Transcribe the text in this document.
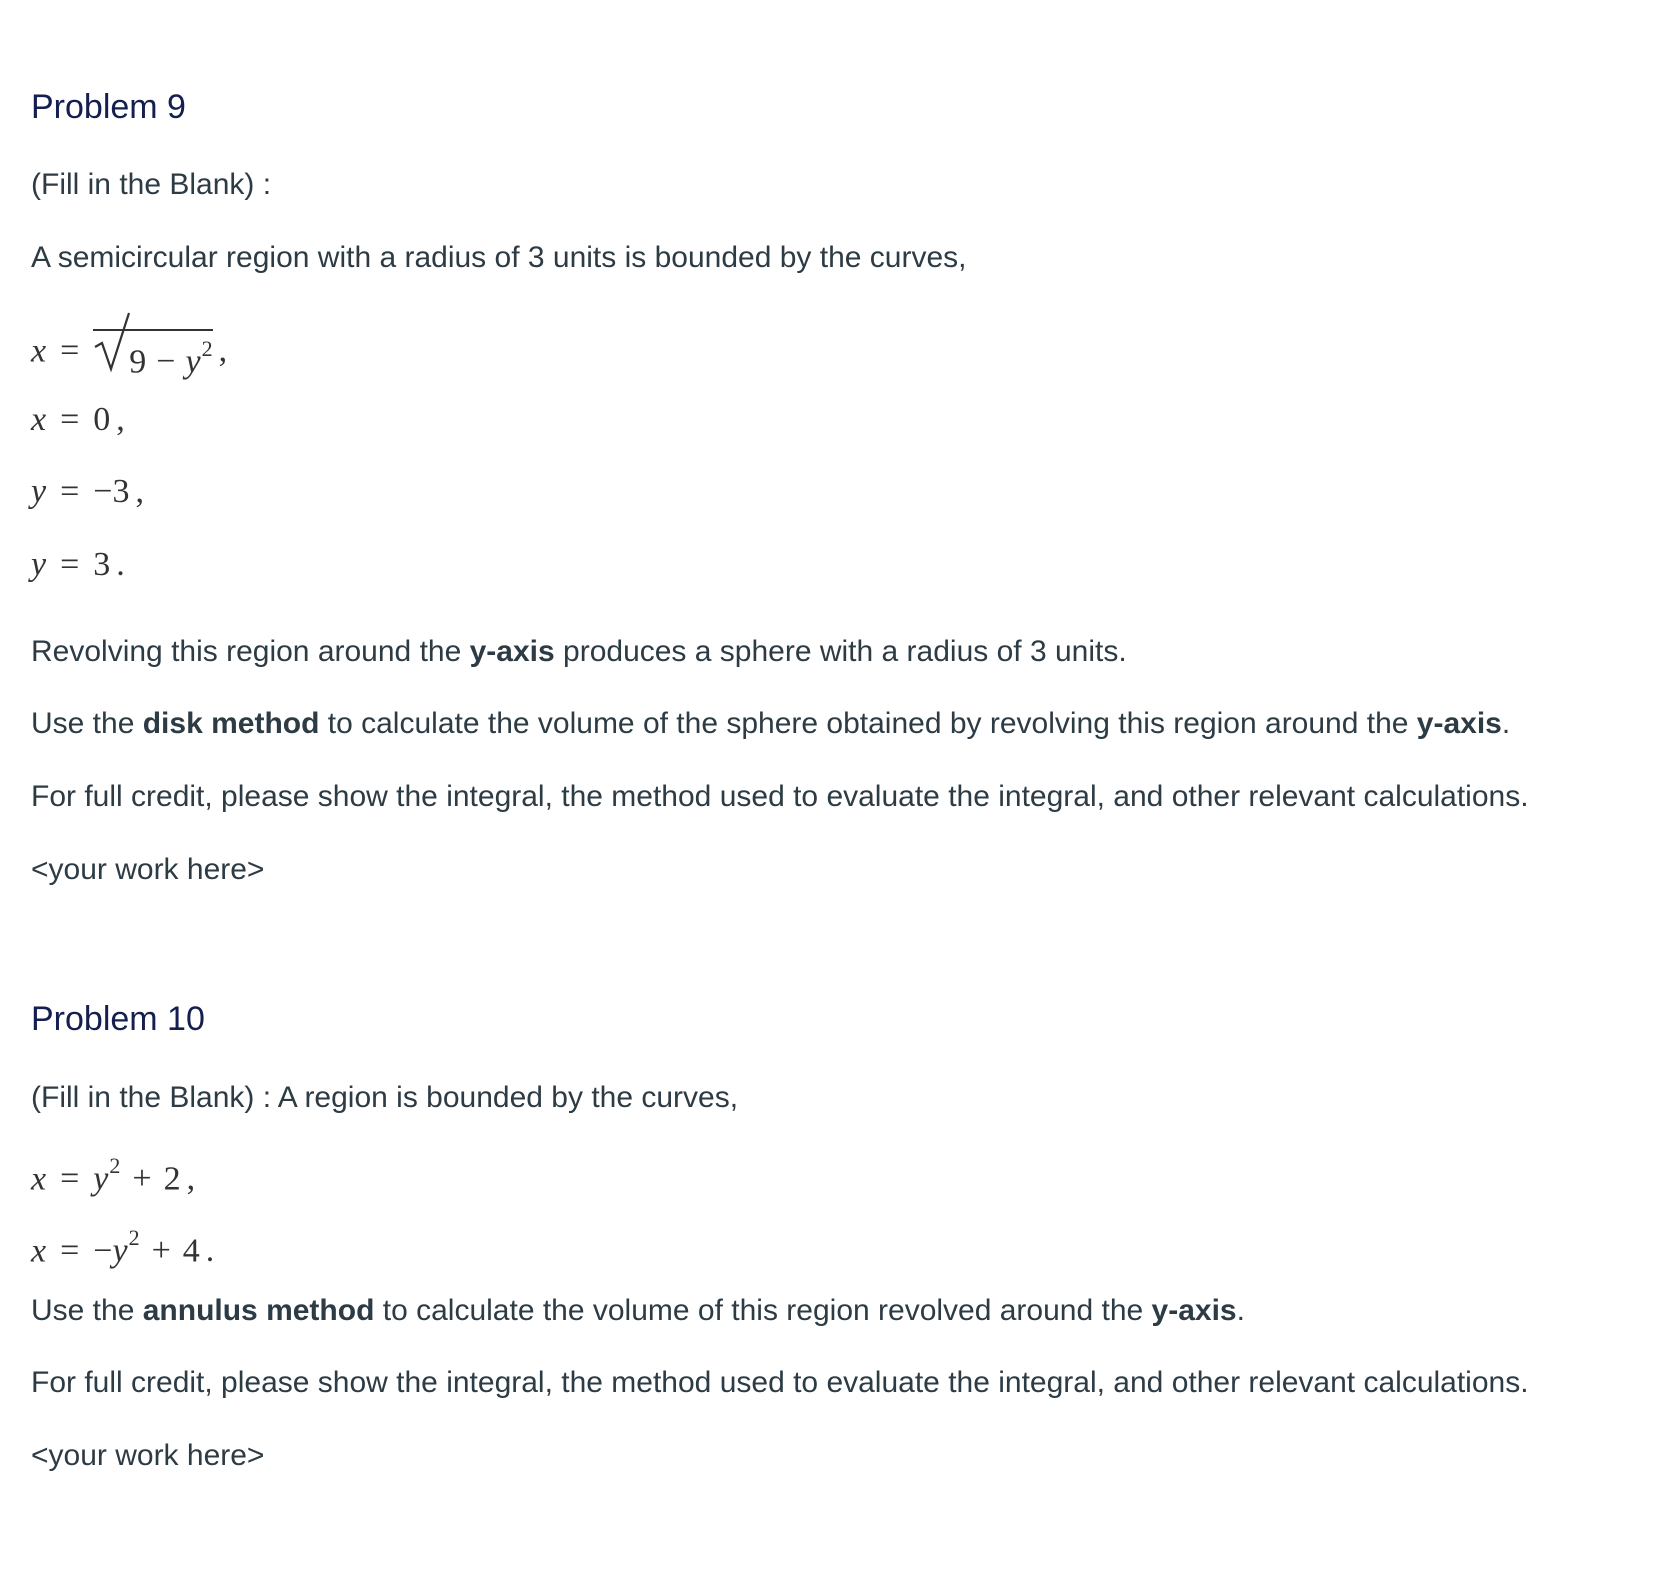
Problem 9
(Fill in the Blank) :
A semicircular region with a radius of 3 units is bounded by the curves,
$x = 9 - y^2$ ,
x = 0 ,
y = −3 ,
y = 3 .
Revolving this region around the y-axis produces a sphere with a radius of 3 units.
Use the disk method to calculate the volume of the sphere obtained by revolving this region around the y-axis.
For full credit, please show the integral, the method used to evaluate the integral, and other relevant calculations.
<your work here>
Problem 10
(Fill in the Blank) : A region is bounded by the curves,
$x = y^2 + 2$ ,
$x = -y^2 + 4$ .
Use the annulus method to calculate the volume of this region revolved around the y-axis.
For full credit, please show the integral, the method used to evaluate the integral, and other relevant calculations.
<your work here>
